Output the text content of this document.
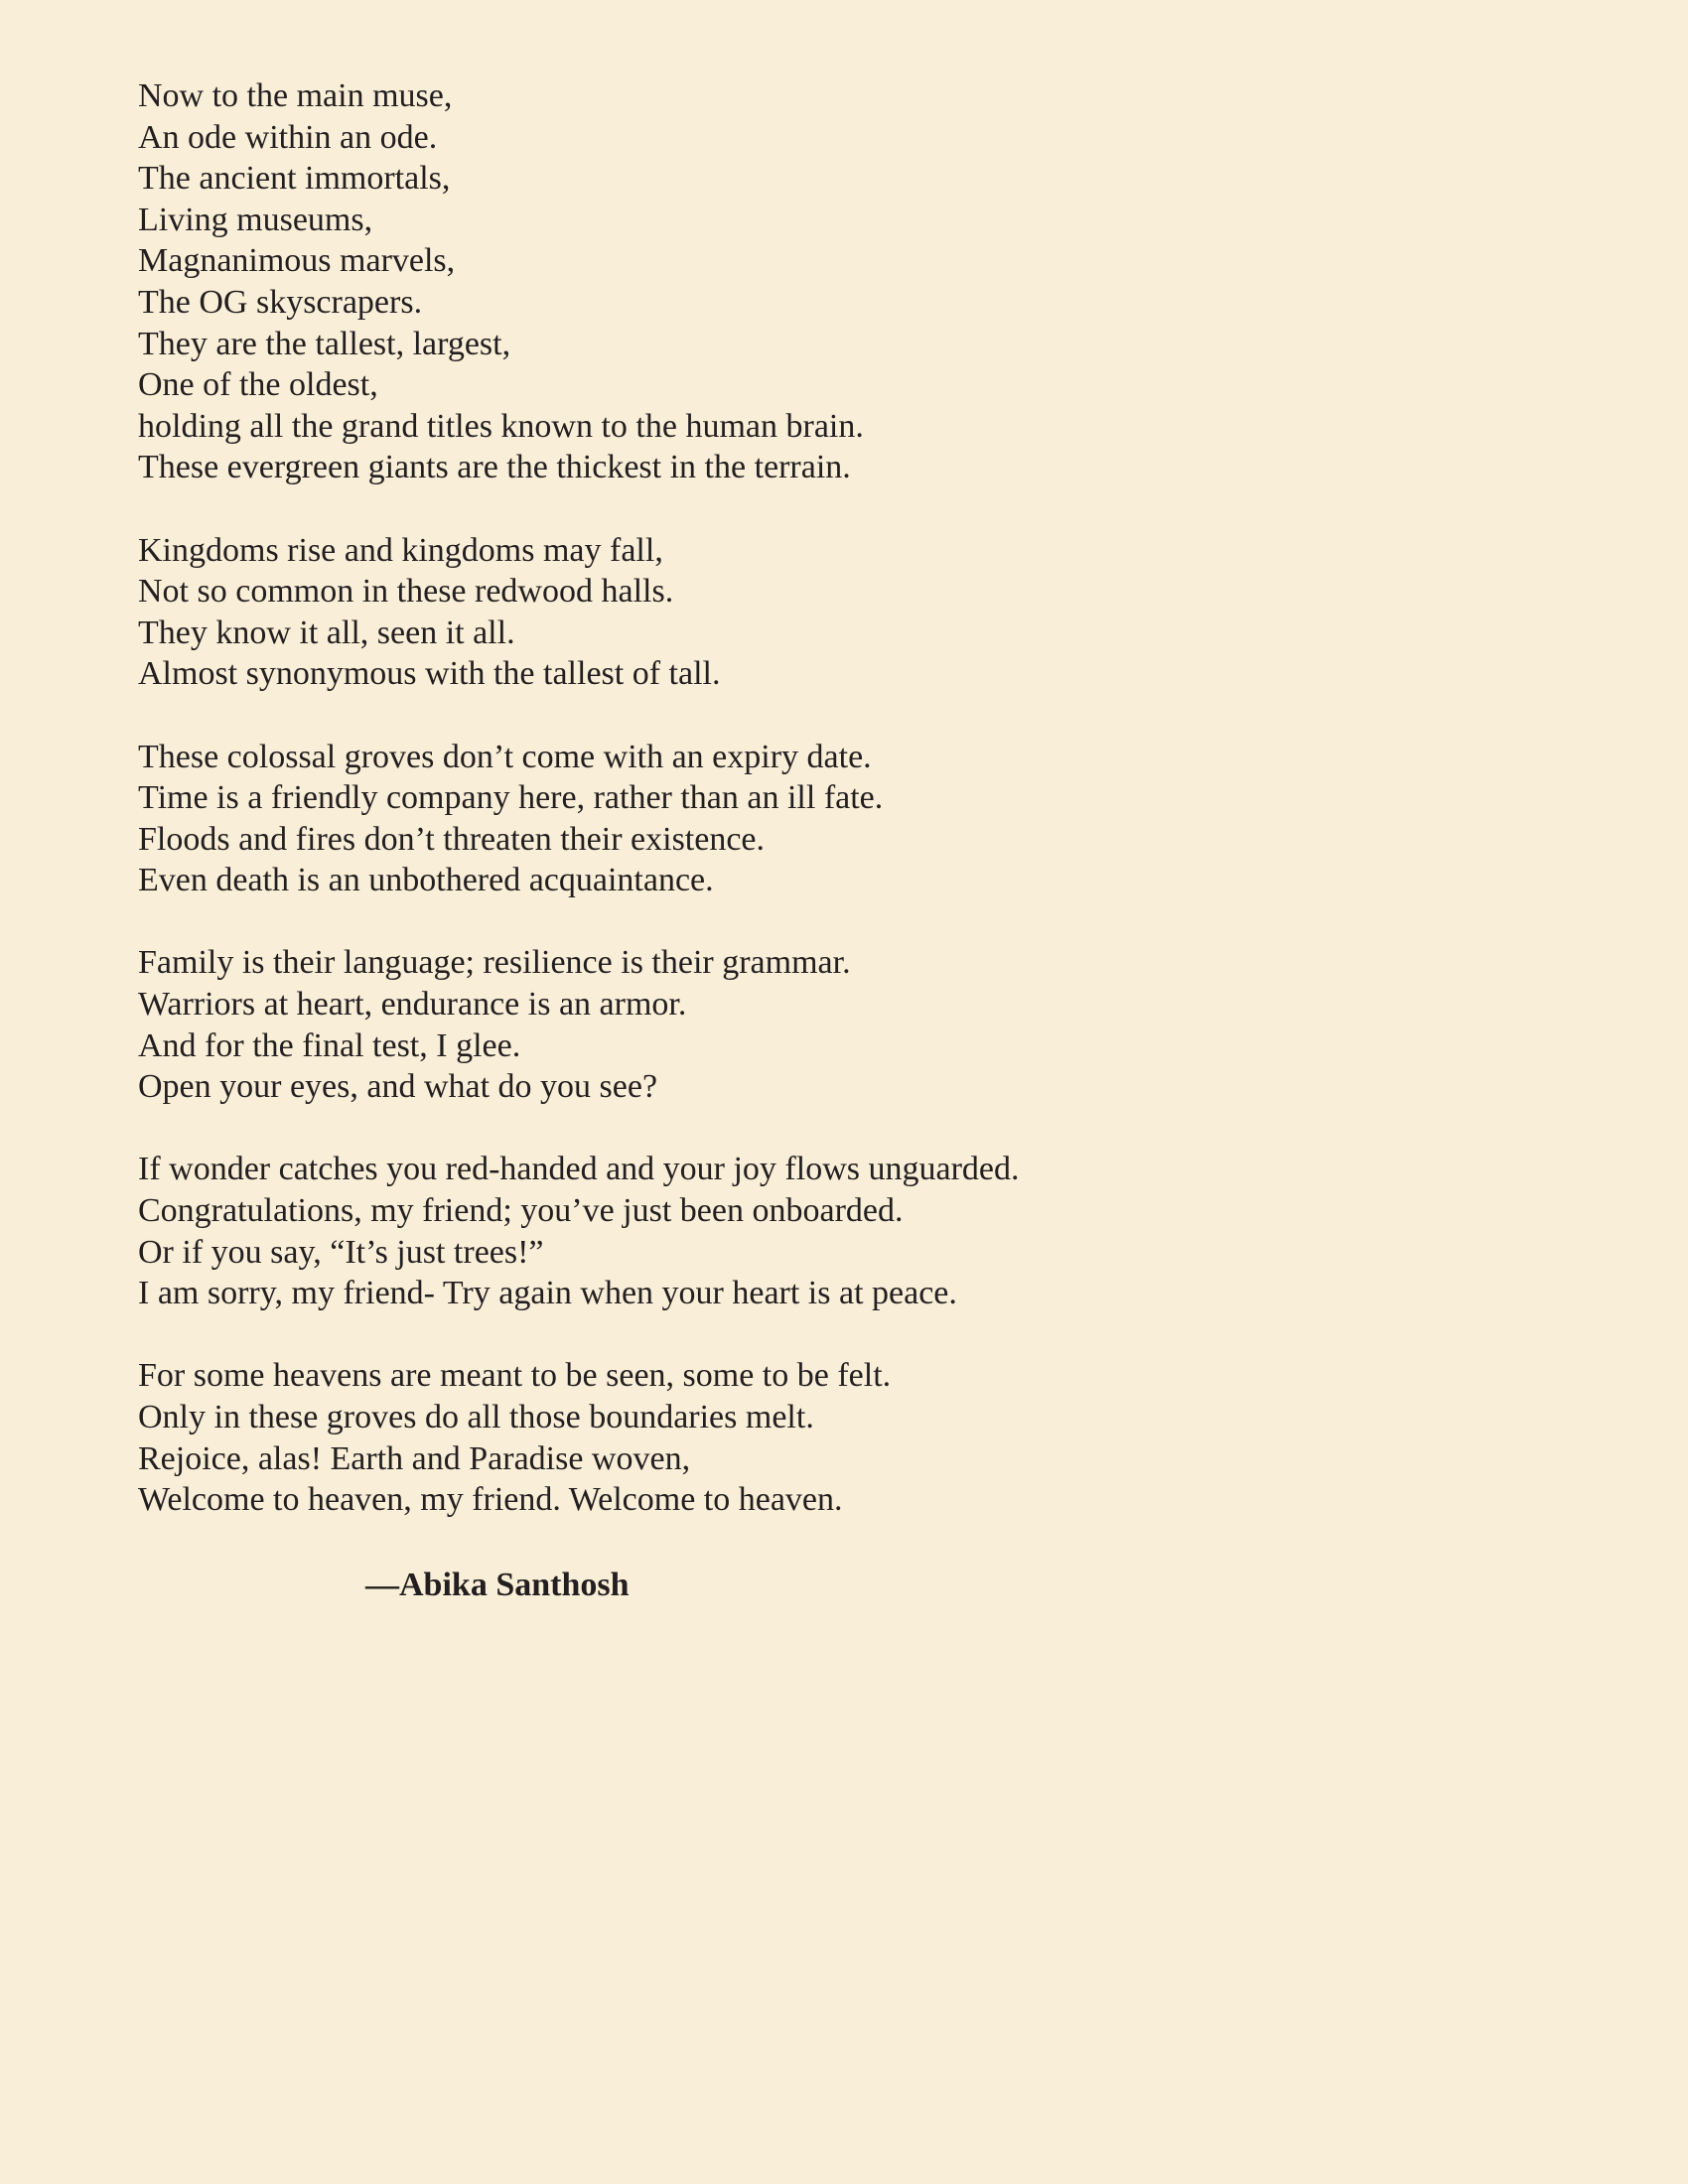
Now to the main muse,
An ode within an ode.
The ancient immortals,
Living museums,
Magnanimous marvels,
The OG skyscrapers.
They are the tallest, largest,
One of the oldest,
holding all the grand titles known to the human brain.
These evergreen giants are the thickest in the terrain.
Kingdoms rise and kingdoms may fall,
Not so common in these redwood halls.
They know it all, seen it all.
Almost synonymous with the tallest of tall.
These colossal groves don’t come with an expiry date.
Time is a friendly company here, rather than an ill fate.
Floods and fires don’t threaten their existence.
Even death is an unbothered acquaintance.
Family is their language; resilience is their grammar.
Warriors at heart, endurance is an armor.
And for the final test, I glee.
Open your eyes, and what do you see?
If wonder catches you red-handed and your joy flows unguarded.
Congratulations, my friend; you’ve just been onboarded.
Or if you say, “It’s just trees!”
I am sorry, my friend- Try again when your heart is at peace.
For some heavens are meant to be seen, some to be felt.
Only in these groves do all those boundaries melt.
Rejoice, alas! Earth and Paradise woven,
Welcome to heaven, my friend. Welcome to heaven.
—Abika Santhosh
